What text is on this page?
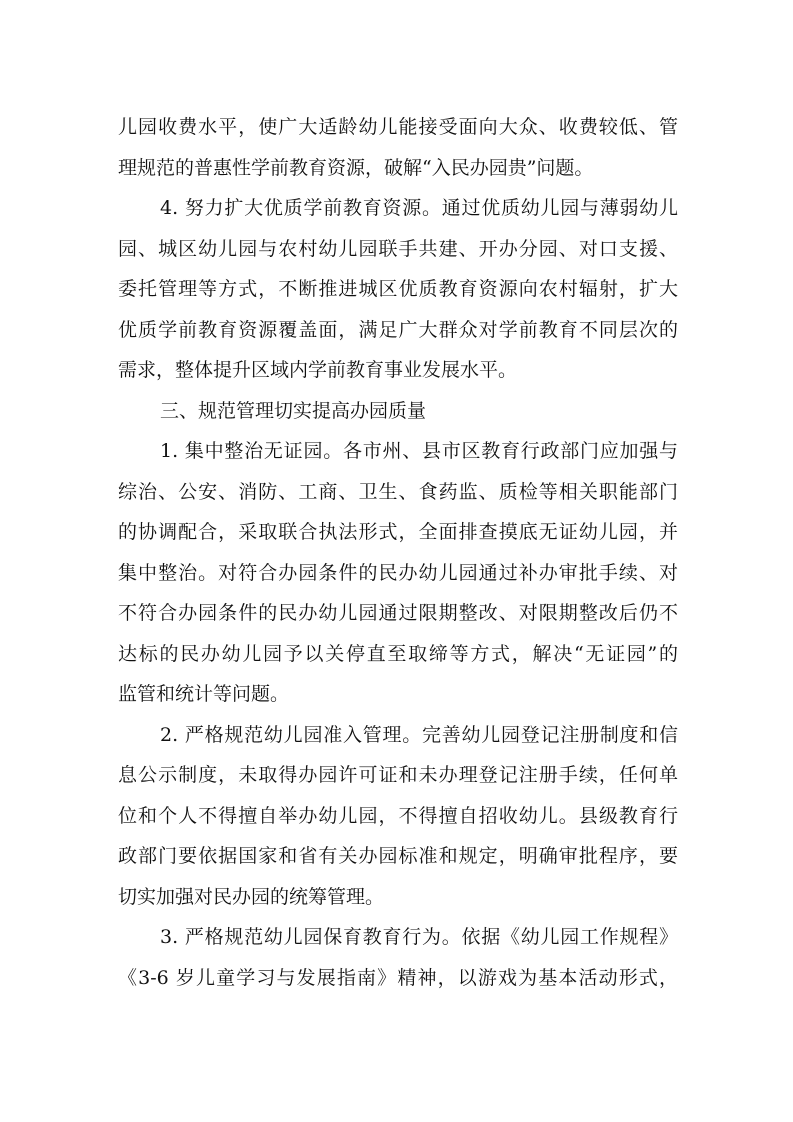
儿园收费水平，使广大适龄幼儿能接受面向大众、收费较低、管
理规范的普惠性学前教育资源，破解“入民办园贵”问题。
4. 努力扩大优质学前教育资源。通过优质幼儿园与薄弱幼儿
园、城区幼儿园与农村幼儿园联手共建、开办分园、对口支援、
委托管理等方式，不断推进城区优质教育资源向农村辐射，扩大
优质学前教育资源覆盖面，满足广大群众对学前教育不同层次的
需求，整体提升区域内学前教育事业发展水平。
三、规范管理切实提高办园质量
1. 集中整治无证园。各市州、县市区教育行政部门应加强与
综治、公安、消防、工商、卫生、食药监、质检等相关职能部门
的协调配合，采取联合执法形式，全面排查摸底无证幼儿园，并
集中整治。对符合办园条件的民办幼儿园通过补办审批手续、对
不符合办园条件的民办幼儿园通过限期整改、对限期整改后仍不
达标的民办幼儿园予以关停直至取缔等方式，解决“无证园”的
监管和统计等问题。
2. 严格规范幼儿园准入管理。完善幼儿园登记注册制度和信
息公示制度，未取得办园许可证和未办理登记注册手续，任何单
位和个人不得擅自举办幼儿园，不得擅自招收幼儿。县级教育行
政部门要依据国家和省有关办园标准和规定，明确审批程序，要
切实加强对民办园的统筹管理。
3. 严格规范幼儿园保育教育行为。依据《幼儿园工作规程》
《3-6 岁儿童学习与发展指南》精神，以游戏为基本活动形式，
